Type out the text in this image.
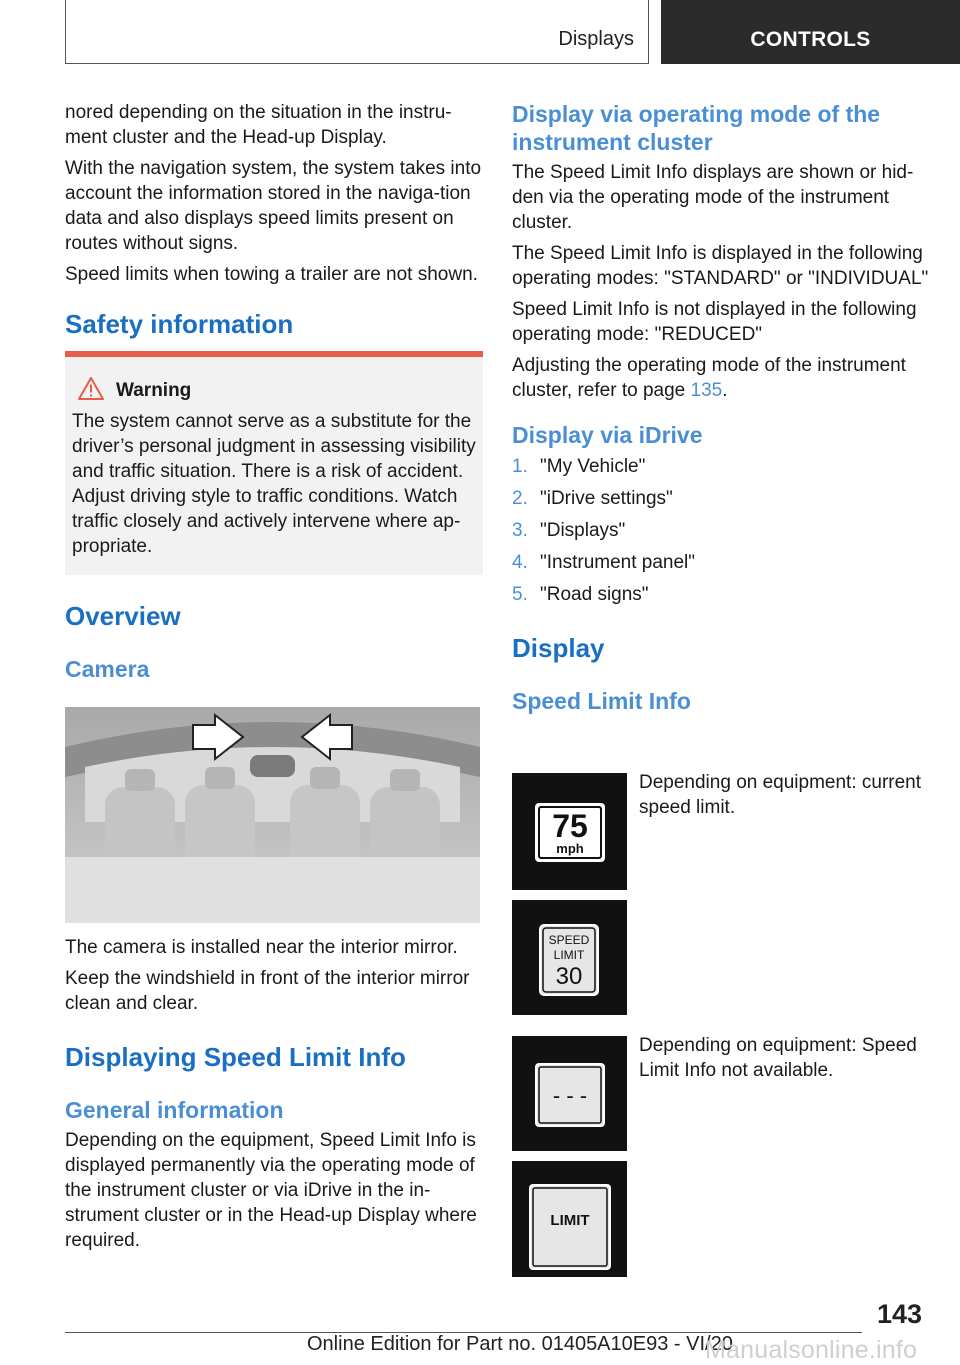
Displays	CONTROLS

nored depending on the situation in the instru-ment cluster and the Head-up Display.

With the navigation system, the system takes into account the information stored in the naviga-tion data and also displays speed limits present on routes without signs.

Speed limits when towing a trailer are not shown.

Safety information
Warning

The system cannot serve as a substitute for the driver’s personal judgment in assessing visibility and traffic situation. There is a risk of accident. Adjust driving style to traffic conditions. Watch traffic closely and actively intervene where ap-propriate.

Overview
Camera

The camera is installed near the interior mirror.

Keep the windshield in front of the interior mirror clean and clear.

Displaying Speed Limit Info
General information

Depending on the equipment, Speed Limit Info is displayed permanently via the operating mode of the instrument cluster or via iDrive in the in-strument cluster or in the Head-up Display where required.

Display via operating mode of the instrument cluster

The Speed Limit Info displays are shown or hid-den via the operating mode of the instrument cluster.

The Speed Limit Info is displayed in the following operating modes: "STANDARD" or "INDIVIDUAL"

Speed Limit Info is not displayed in the following operating mode: "REDUCED"

Adjusting the operating mode of the instrument cluster, refer to page 135.

Display via iDrive
1. "My Vehicle"
2. "iDrive settings"
3. "Displays"
4. "Instrument panel"
5. "Road signs"
Display
Speed Limit Info
75
mph
Depending on equipment: current speed limit.
SPEED
LIMIT
30
- - -
Depending on equipment: Speed Limit Info not available.
LIMIT
143
Online Edition for Part no. 01405A10E93 - VI/20
Manualsonline.info
